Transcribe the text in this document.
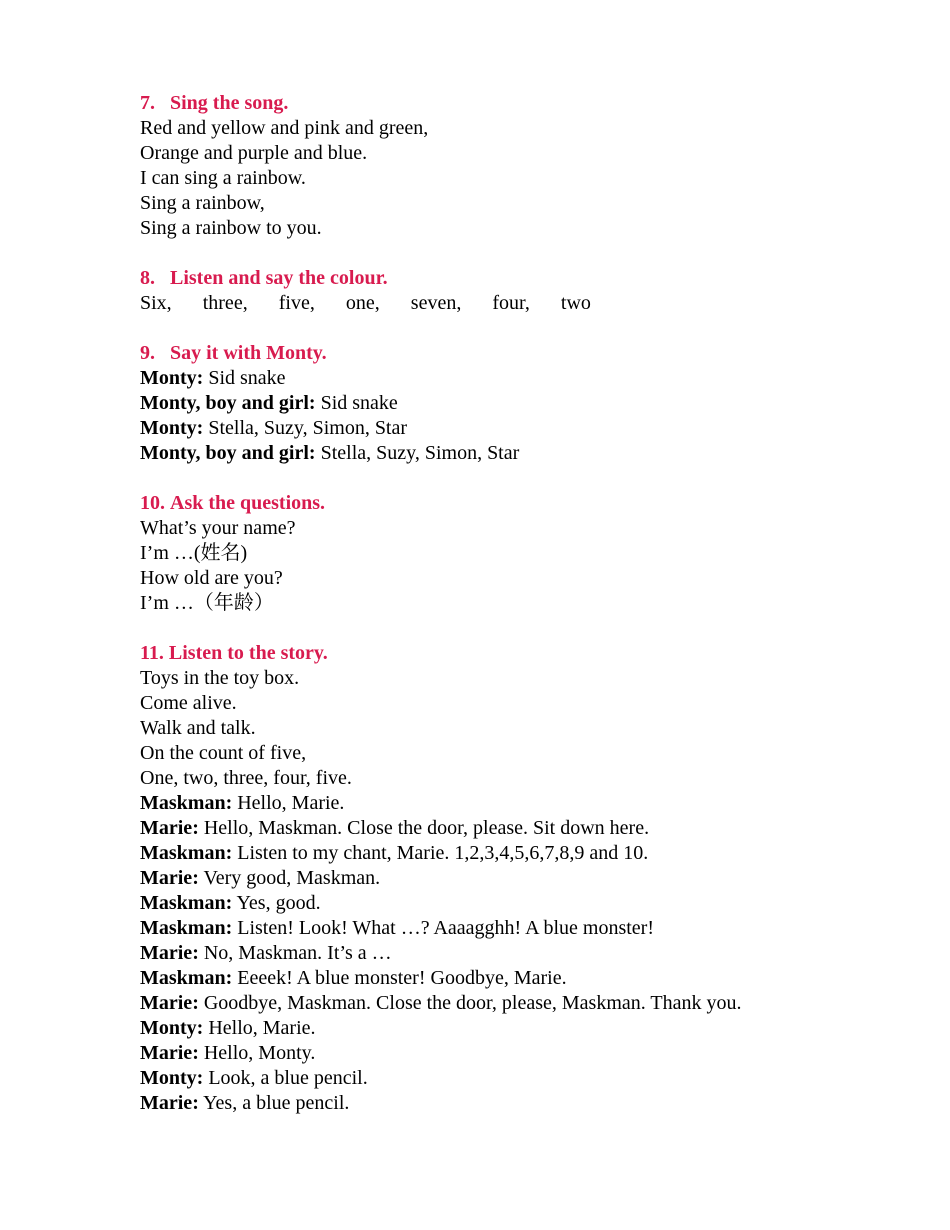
7. Sing the song.
Red and yellow and pink and green,
Orange and purple and blue.
I can sing a rainbow.
Sing a rainbow,
Sing a rainbow to you.
8. Listen and say the colour.
Six, three, five, one, seven, four, two
9. Say it with Monty.
Monty: Sid snake
Monty, boy and girl: Sid snake
Monty: Stella, Suzy, Simon, Star
Monty, boy and girl: Stella, Suzy, Simon, Star
10. Ask the questions.
What’s your name?
I’m …(姓名)
How old are you?
I’m …（年龄）
11. Listen to the story.
Toys in the toy box.
Come alive.
Walk and talk.
On the count of five,
One, two, three, four, five.
Maskman: Hello, Marie.
Marie: Hello, Maskman. Close the door, please. Sit down here.
Maskman: Listen to my chant, Marie. 1,2,3,4,5,6,7,8,9 and 10.
Marie: Very good, Maskman.
Maskman: Yes, good.
Maskman: Listen! Look! What …? Aaaagghh! A blue monster!
Marie: No, Maskman. It’s a …
Maskman: Eeeek! A blue monster! Goodbye, Marie.
Marie: Goodbye, Maskman. Close the door, please, Maskman. Thank you.
Monty: Hello, Marie.
Marie: Hello, Monty.
Monty: Look, a blue pencil.
Marie: Yes, a blue pencil.
